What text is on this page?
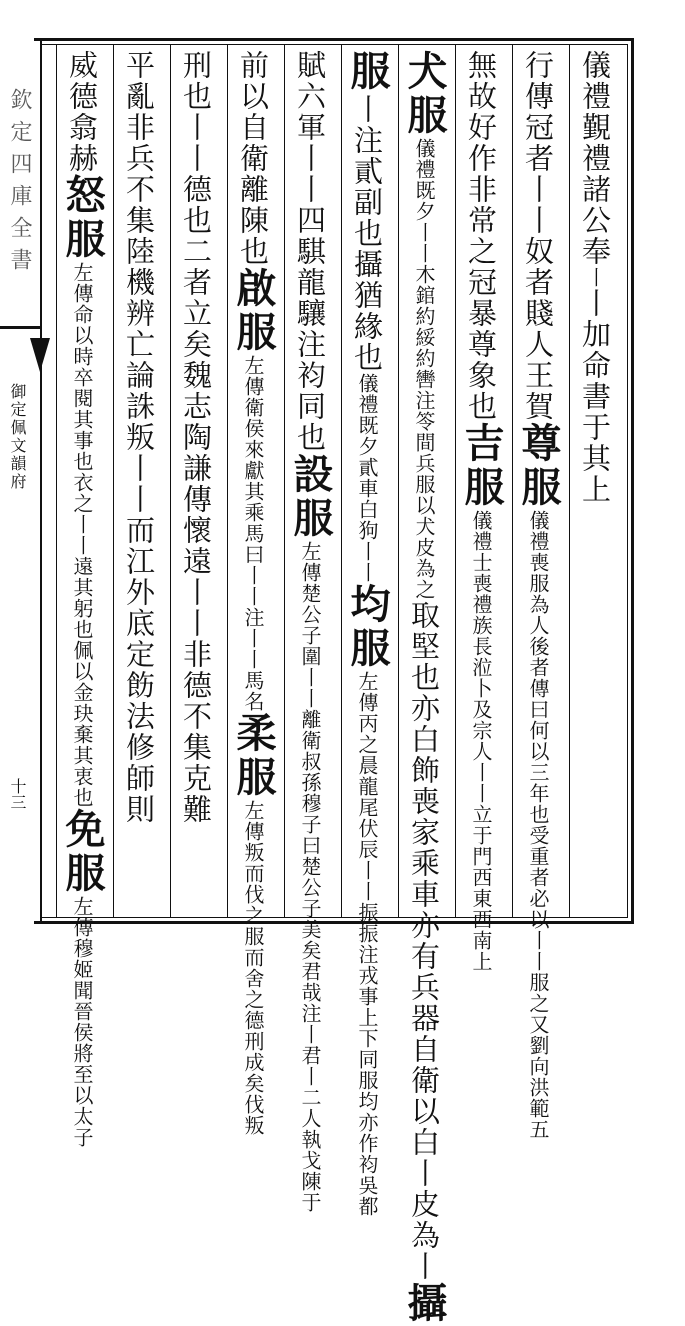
欽定四庫全書
御定佩文韻府
十三
儀禮覲禮諸公奉丨丨加命書于其上
行傳冠者丨丨奴者賤人王賀尊服儀禮喪服為人後者傳曰何以三年也受重者必以丨丨服之又劉向洪範五
無故好作非常之冠暴尊象也吉服儀禮士喪禮族長涖卜及宗人丨丨立于門西東西南上
犬服儀禮既夕丨丨木錧約綏約轡注笭間兵服以犬皮為之取堅也亦白飾喪家乘車亦有兵器自衛以白丨皮為丨攝
服丨注貳副也攝猶緣也儀禮既夕貳車白狗丨丨均服左傳丙之晨龍尾伏辰丨丨振振注戎事上下同服均亦作袀吳都
賦六軍丨丨四騏龍驤注袀同也設服左傳楚公子圍丨丨離衛叔孫穆子曰楚公子美矣君哉注丨君丨二人執戈陳于
前以自衛離陳也啟服左傳衛侯來獻其乘馬曰丨丨注丨丨馬名柔服左傳叛而伐之服而舍之德刑成矣伐叛
刑也丨丨德也二者立矣魏志陶謙傳懷遠丨丨非德不集克難
平亂非兵不集陸機辨亡論誅叛丨丨而江外底定飭法修師則
威德翕赫怒服左傳命以時卒閱其事也衣之丨丨遠其躬也佩以金玦棄其衷也免服左傳穆姬聞晉侯將至以太子
